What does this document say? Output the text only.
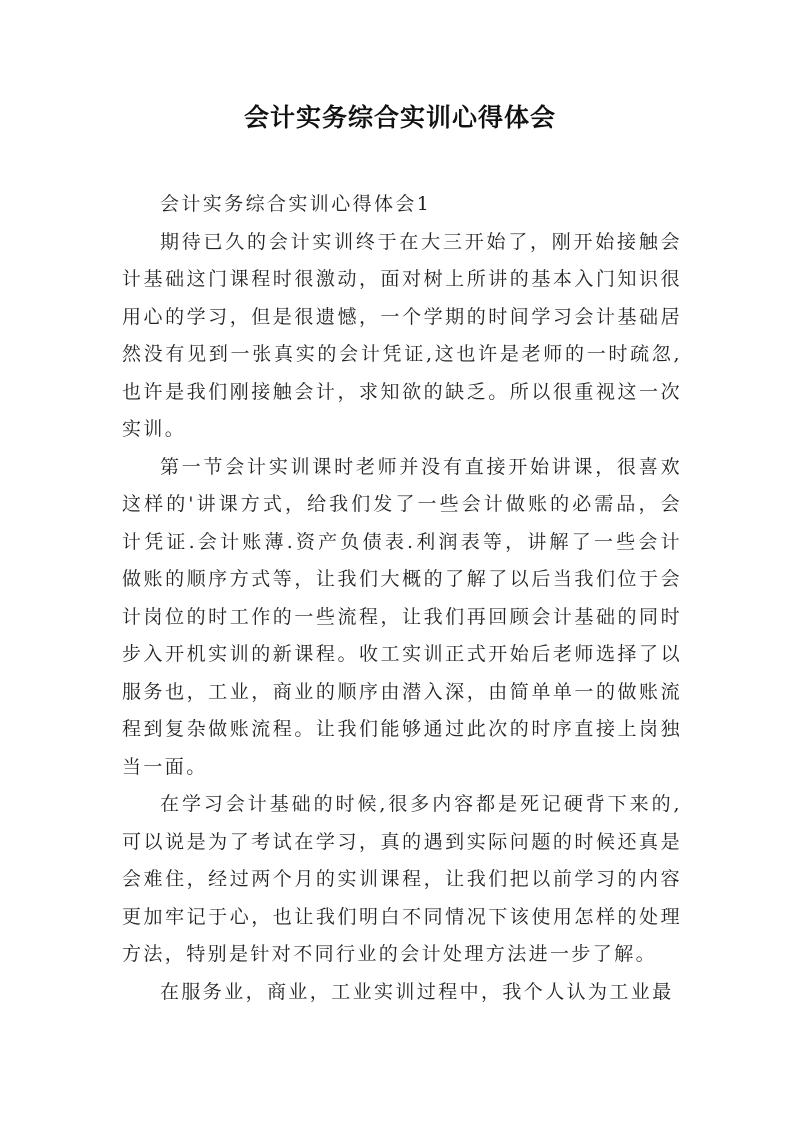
会计实务综合实训心得体会

会计实务综合实训心得体会1

期待已久的会计实训终于在大三开始了，刚开始接触会计基础这门课程时很激动，面对树上所讲的基本入门知识很用心的学习，但是很遗憾，一个学期的时间学习会计基础居然没有见到一张真实的会计凭证,这也许是老师的一时疏忽,也许是我们刚接触会计，求知欲的缺乏。所以很重视这一次实训。

第一节会计实训课时老师并没有直接开始讲课，很喜欢这样的'讲课方式，给我们发了一些会计做账的必需品，会计凭证.会计账薄.资产负债表.利润表等，讲解了一些会计做账的顺序方式等，让我们大概的了解了以后当我们位于会计岗位的时工作的一些流程，让我们再回顾会计基础的同时步入开机实训的新课程。收工实训正式开始后老师选择了以服务也，工业，商业的顺序由潜入深，由简单单一的做账流程到复杂做账流程。让我们能够通过此次的时序直接上岗独当一面。

在学习会计基础的时候,很多内容都是死记硬背下来的,可以说是为了考试在学习，真的遇到实际问题的时候还真是会难住，经过两个月的实训课程，让我们把以前学习的内容更加牢记于心，也让我们明白不同情况下该使用怎样的处理方法，特别是针对不同行业的会计处理方法进一步了解。

在服务业，商业，工业实训过程中，我个人认为工业最
